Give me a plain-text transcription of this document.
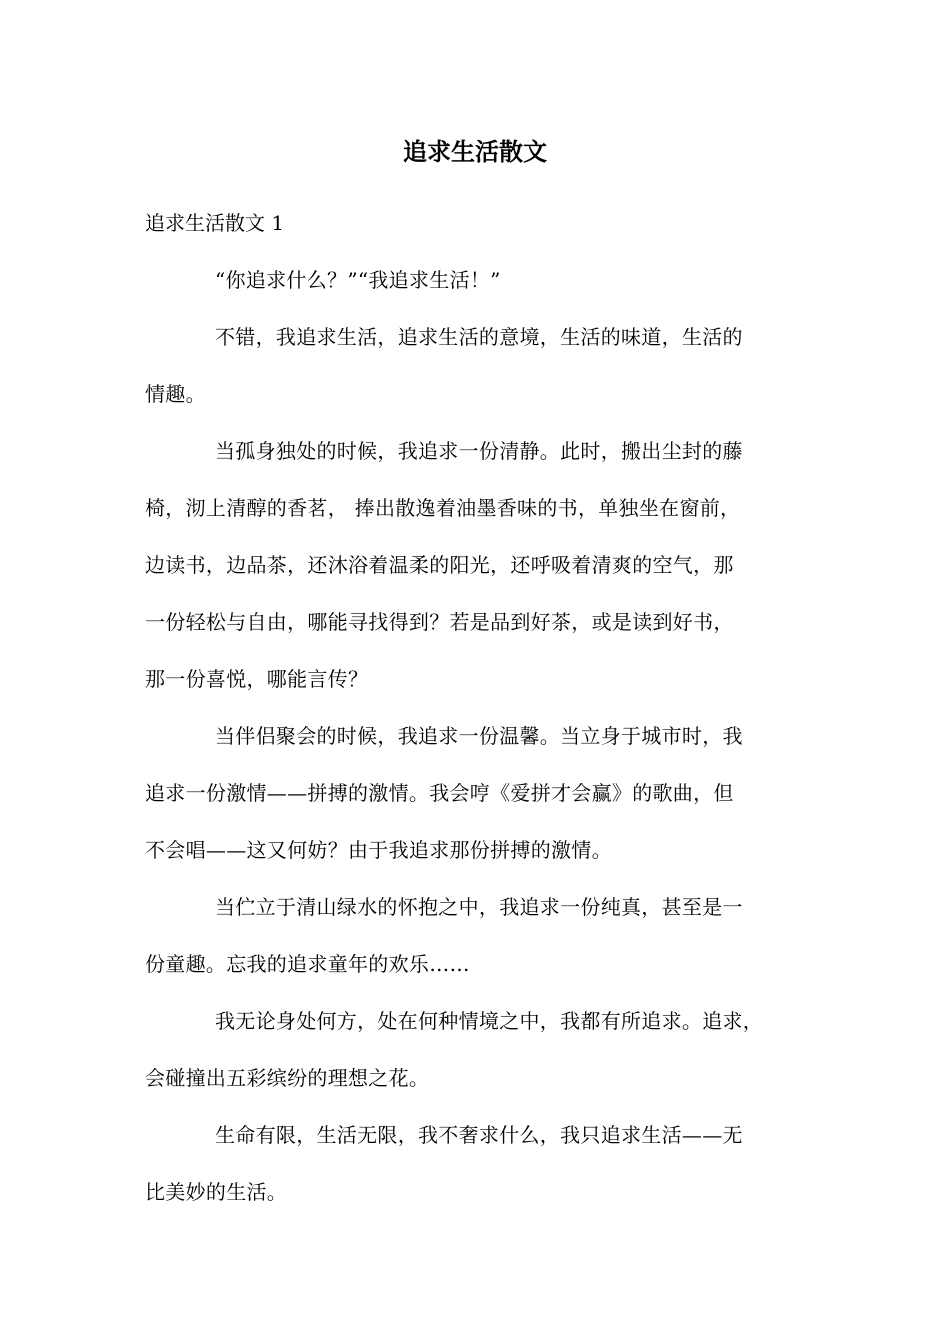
追求生活散文
追求生活散文 1
“你追求什么？”“我追求生活！”
不错，我追求生活，追求生活的意境，生活的味道，生活的
情趣。
当孤身独处的时候，我追求一份清静。此时，搬出尘封的藤
椅，沏上清醇的香茗， 捧出散逸着油墨香味的书，单独坐在窗前，
边读书，边品茶，还沐浴着温柔的阳光，还呼吸着清爽的空气，那
一份轻松与自由，哪能寻找得到？若是品到好茶，或是读到好书，
那一份喜悦，哪能言传？
当伴侣聚会的时候，我追求一份温馨。当立身于城市时，我
追求一份激情——拼搏的激情。我会哼《爱拼才会赢》的歌曲，但
不会唱——这又何妨？由于我追求那份拼搏的激情。
当伫立于清山绿水的怀抱之中，我追求一份纯真，甚至是一
份童趣。忘我的追求童年的欢乐……
我无论身处何方，处在何种情境之中，我都有所追求。追求，
会碰撞出五彩缤纷的理想之花。
生命有限，生活无限，我不奢求什么，我只追求生活——无
比美妙的生活。
